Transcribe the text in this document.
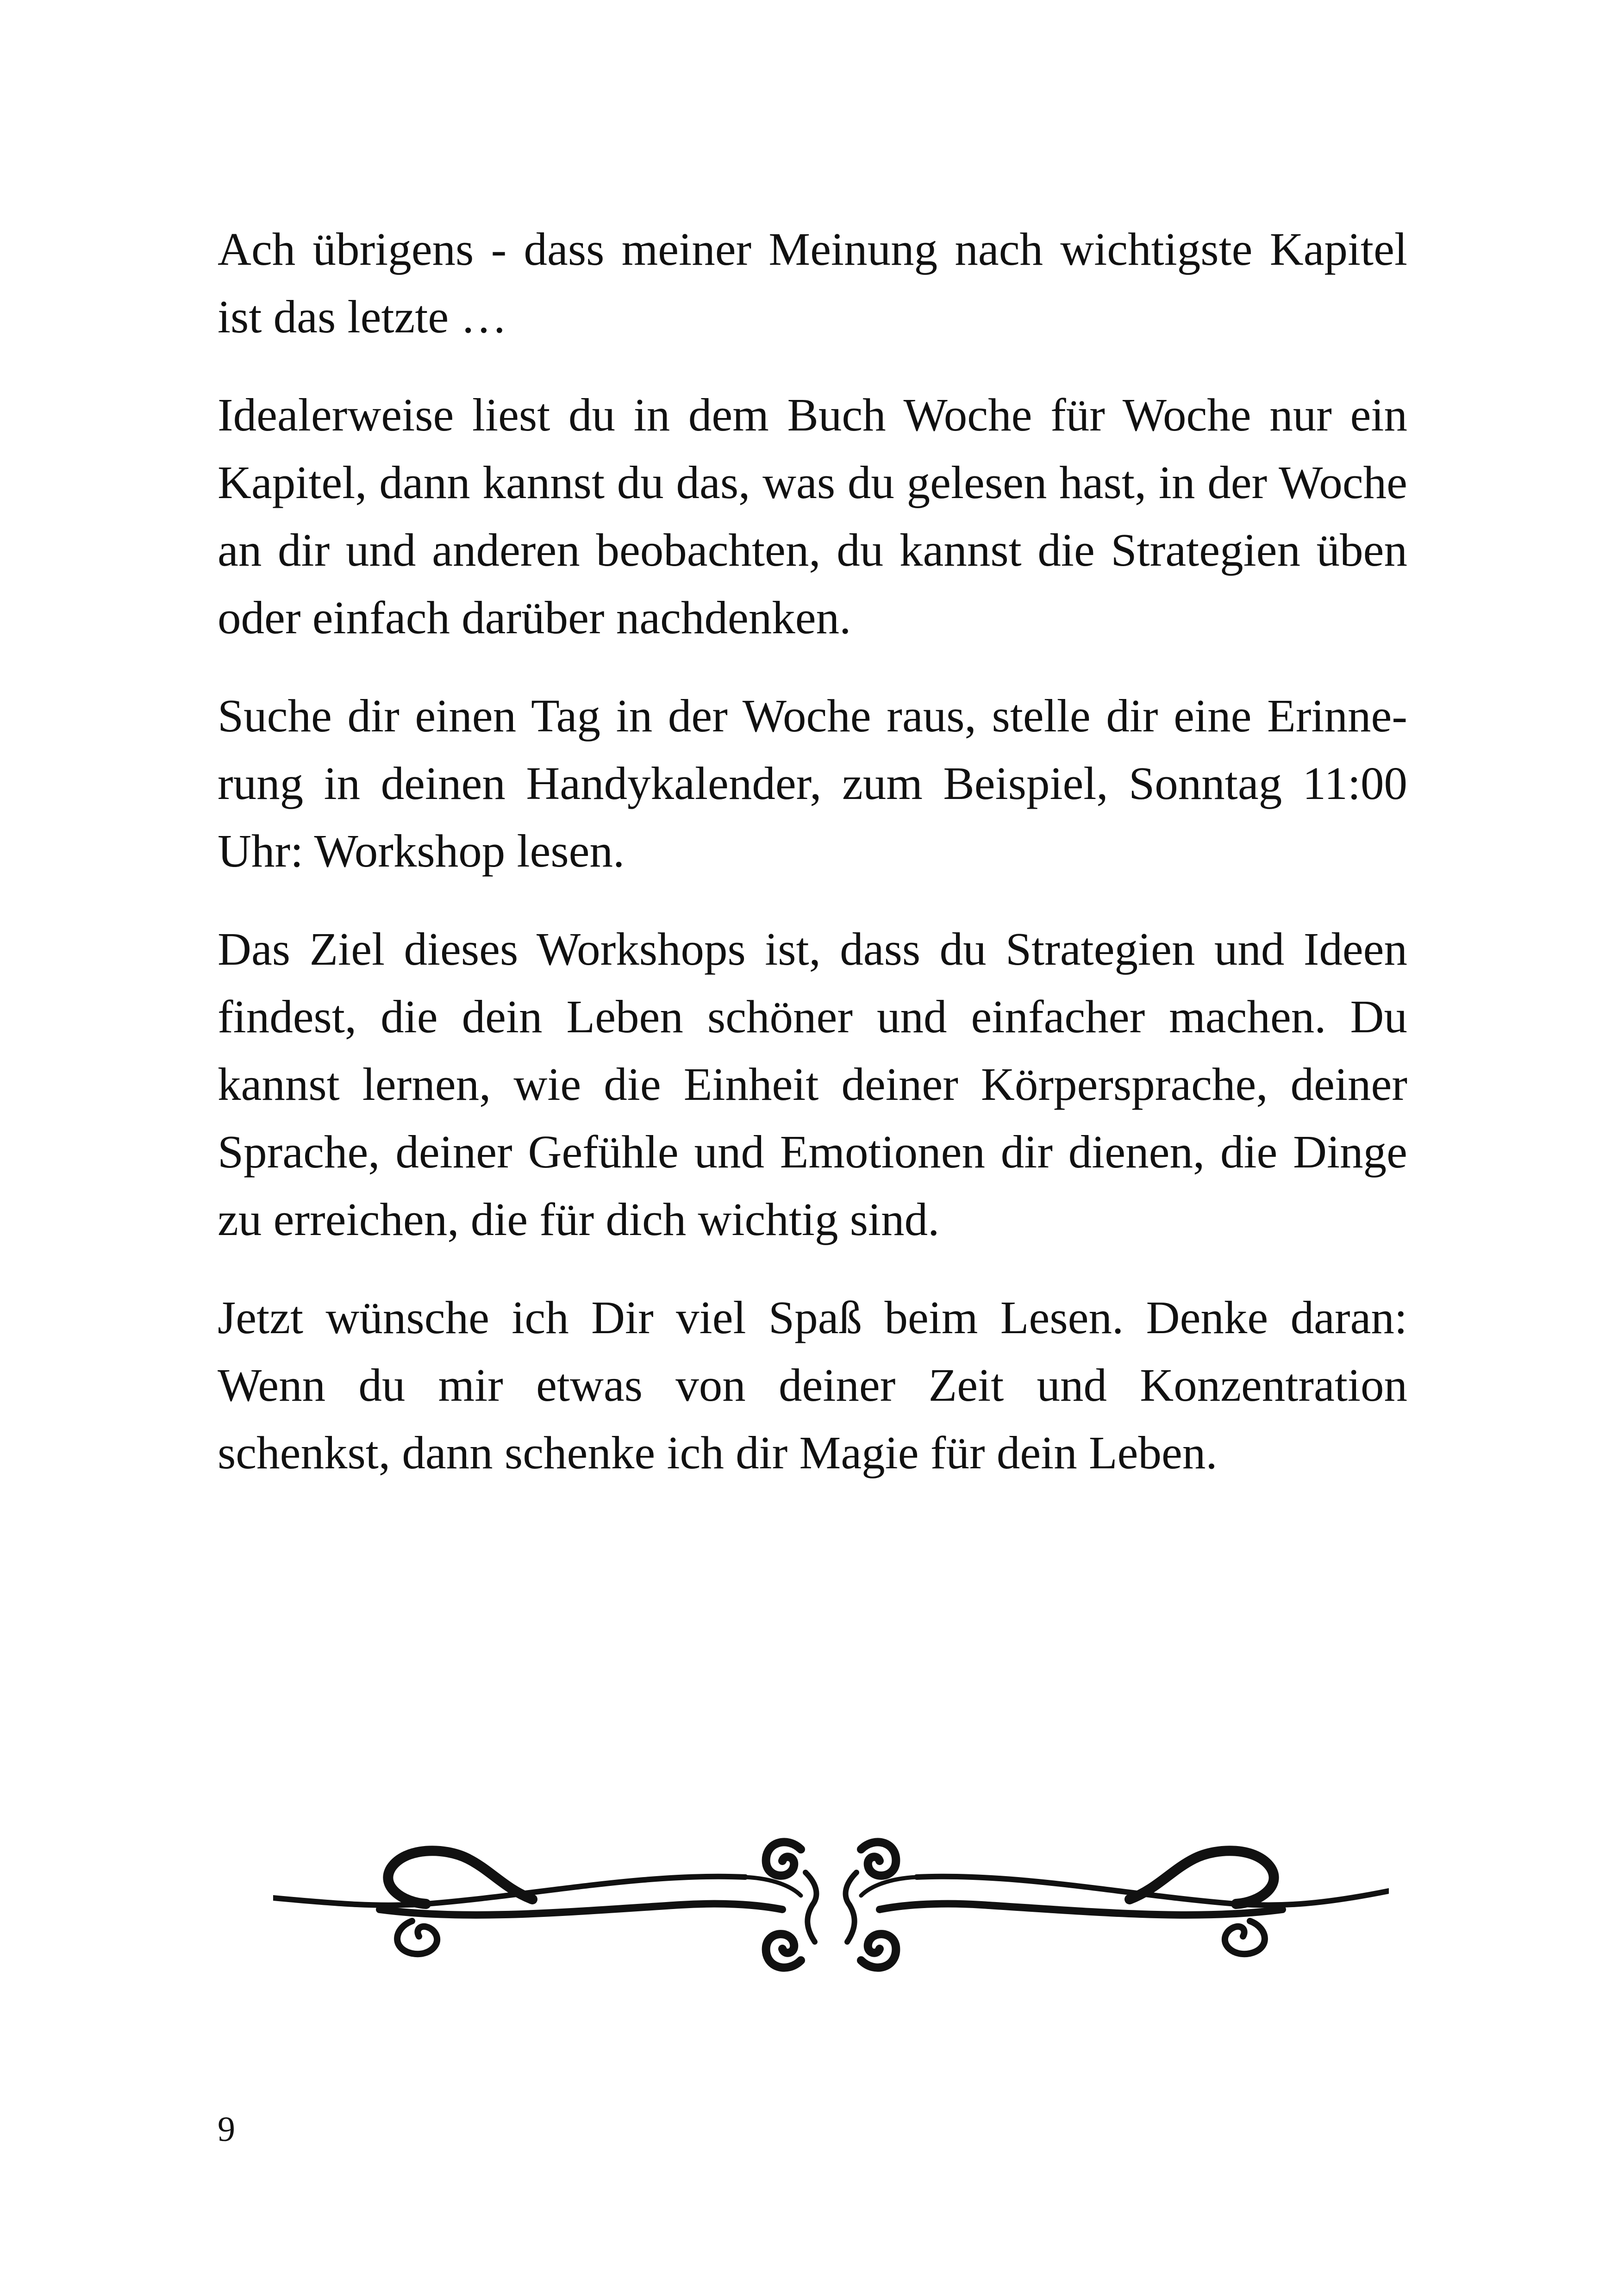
Ach übrigens - dass meiner Meinung nach wichtigste Kapitel ist das letzte …

Idealerweise liest du in dem Buch Woche für Woche nur ein Kapitel, dann kannst du das, was du gelesen hast, in der Woche an dir und anderen beobachten, du kannst die Strategien üben oder einfach darüber nachdenken.

Suche dir einen Tag in der Woche raus, stelle dir eine Erinnerung in deinen Handykalender, zum Beispiel, Sonntag 11:00 Uhr: Workshop lesen.

Das Ziel dieses Workshops ist, dass du Strategien und Ideen findest, die dein Leben schöner und einfacher machen. Du kannst lernen, wie die Einheit deiner Körpersprache, deiner Sprache, deiner Gefühle und Emotionen dir dienen, die Dinge zu erreichen, die für dich wichtig sind.

Jetzt wünsche ich Dir viel Spaß beim Lesen. Denke daran: Wenn du mir etwas von deiner Zeit und Konzentration schenkst, dann schenke ich dir Magie für dein Leben.

9
